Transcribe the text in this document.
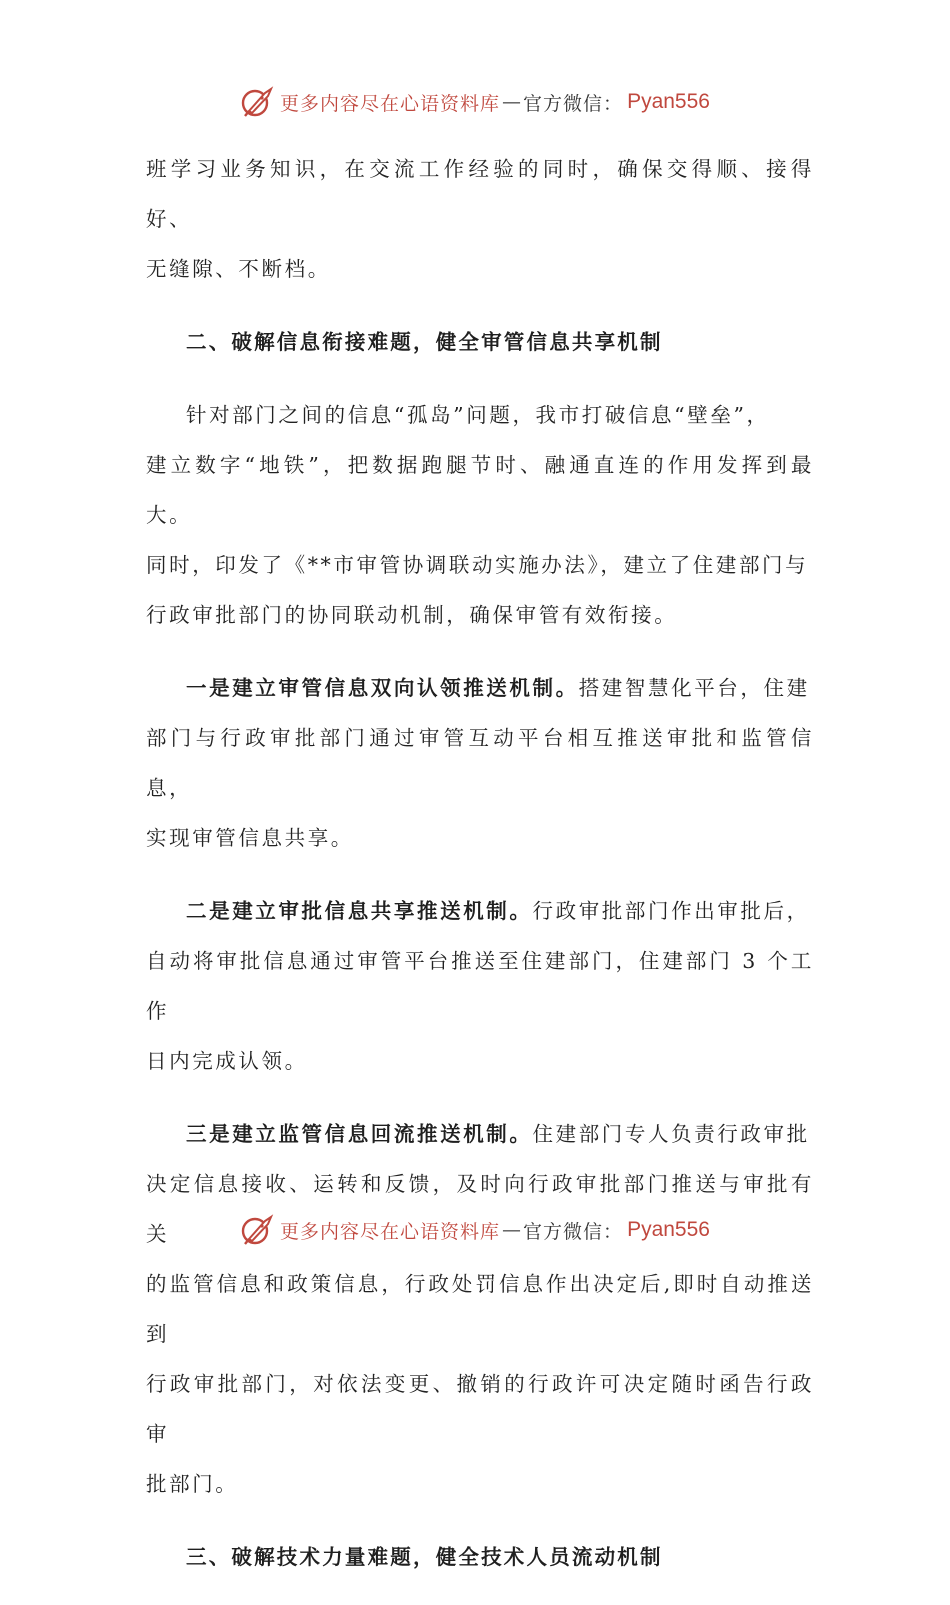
更多内容尽在心语资料库 — 官方微信： Pyan556

班学习业务知识，在交流工作经验的同时，确保交得顺、接得好、
无缝隙、不断档。

二、破解信息衔接难题，健全审管信息共享机制

针对部门之间的信息“孤岛”问题，我市打破信息“壁垒”，
建立数字“地铁”，把数据跑腿节时、融通直连的作用发挥到最大。
同时，印发了《**市审管协调联动实施办法》，建立了住建部门与
行政审批部门的协同联动机制，确保审管有效衔接。

一是建立审管信息双向认领推送机制。搭建智慧化平台，住建
部门与行政审批部门通过审管互动平台相互推送审批和监管信息，
实现审管信息共享。

二是建立审批信息共享推送机制。行政审批部门作出审批后，
自动将审批信息通过审管平台推送至住建部门，住建部门 3 个工作
日内完成认领。

三是建立监管信息回流推送机制。住建部门专人负责行政审批
决定信息接收、运转和反馈，及时向行政审批部门推送与审批有关
的监管信息和政策信息，行政处罚信息作出决定后,即时自动推送到
行政审批部门，对依法变更、撤销的行政许可决定随时函告行政审
批部门。

三、破解技术力量难题，健全技术人员流动机制

更多内容尽在心语资料库 — 官方微信： Pyan556
